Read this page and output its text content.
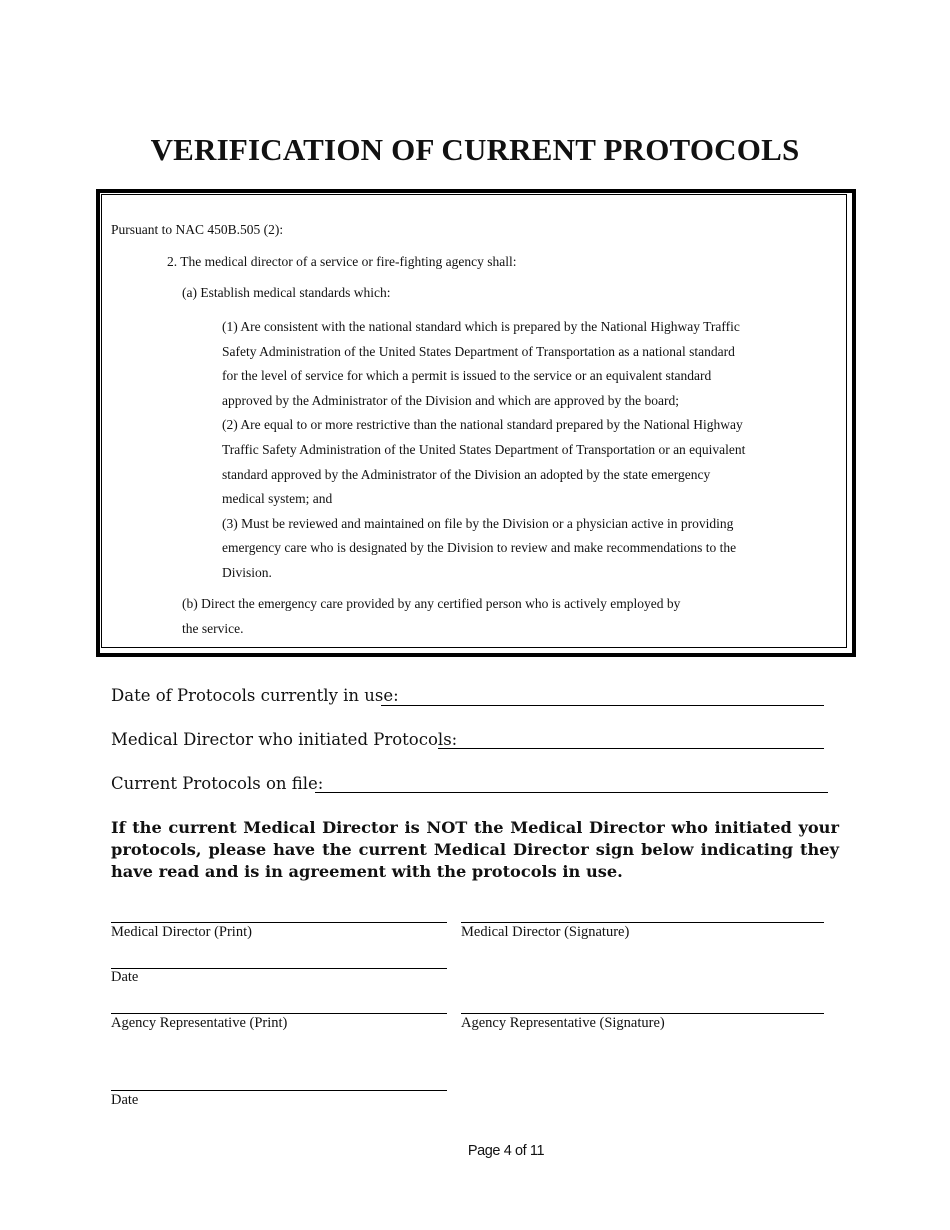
VERIFICATION OF CURRENT PROTOCOLS
Pursuant to NAC 450B.505 (2):
2. The medical director of a service or fire-fighting agency shall:
(a) Establish medical standards which:
(1) Are consistent with the national standard which is prepared by the National Highway Traffic
Safety Administration of the United States Department of Transportation as a national standard
for the level of service for which a permit is issued to the service or an equivalent standard
approved by the Administrator of the Division and which are approved by the board;
(2) Are equal to or more restrictive than the national standard prepared by the National Highway
Traffic Safety Administration of the United States Department of Transportation or an equivalent
standard approved by the Administrator of the Division an adopted by the state emergency
medical system; and
(3) Must be reviewed and maintained on file by the Division or a physician active in providing
emergency care who is designated by the Division to review and make recommendations to the
Division.
(b) Direct the emergency care provided by any certified person who is actively employed by
the service.
Date of Protocols currently in use:
Medical Director who initiated Protocols:
Current Protocols on file:
If the current Medical Director is NOT the Medical Director who initiated your protocols, please have the current Medical Director sign below indicating they have read and is in agreement with the protocols in use.
Medical Director (Print)	Medical Director (Signature)
Date
Agency Representative (Print)	Agency Representative (Signature)
Date
Page 4 of 11
